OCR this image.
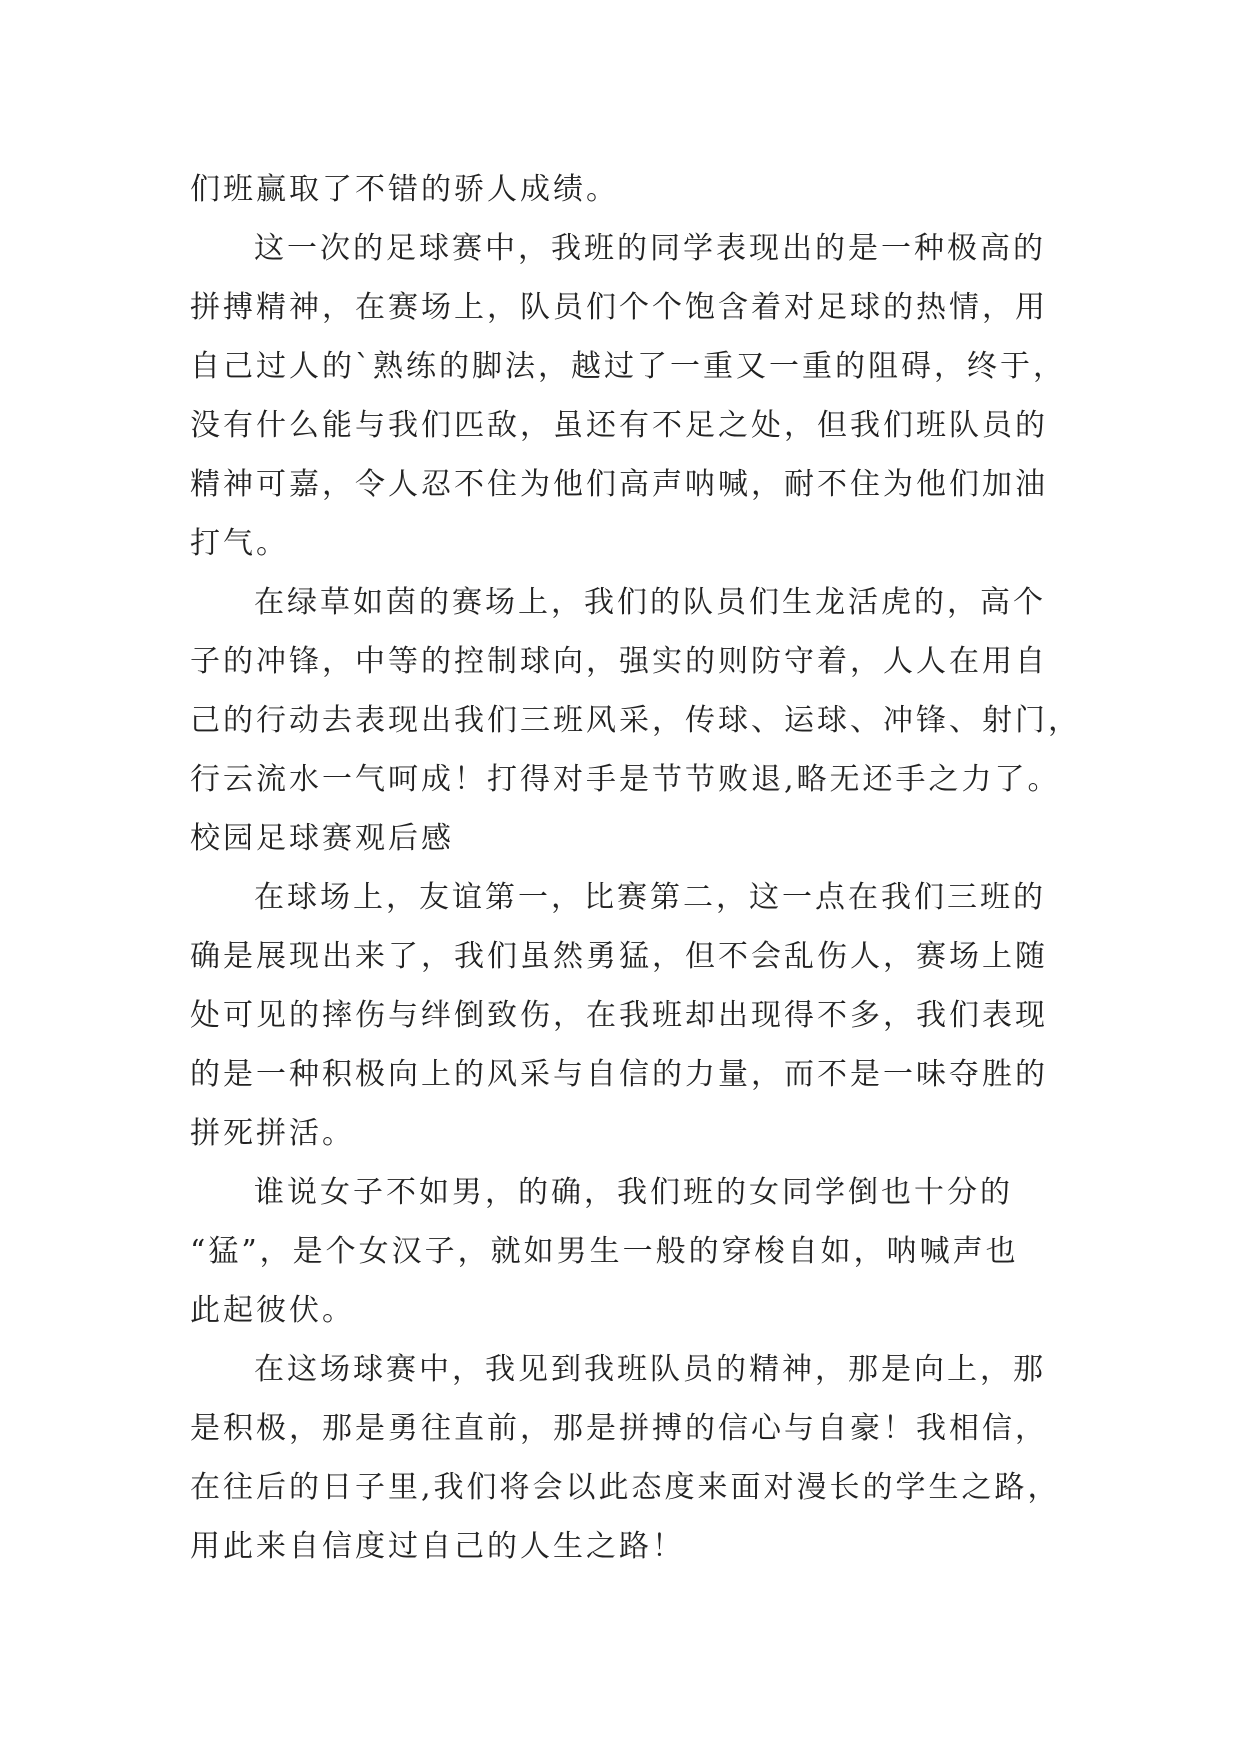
们班赢取了不错的骄人成绩。
这一次的足球赛中，我班的同学表现出的是一种极高的
拼搏精神，在赛场上，队员们个个饱含着对足球的热情，用
自己过人的`熟练的脚法，越过了一重又一重的阻碍，终于，
没有什么能与我们匹敌，虽还有不足之处，但我们班队员的
精神可嘉，令人忍不住为他们高声呐喊，耐不住为他们加油
打气。
在绿草如茵的赛场上，我们的队员们生龙活虎的，高个
子的冲锋，中等的控制球向，强实的则防守着，人人在用自
己的行动去表现出我们三班风采，传球、运球、冲锋、射门，
行云流水一气呵成！打得对手是节节败退,略无还手之力了。
校园足球赛观后感
在球场上，友谊第一，比赛第二，这一点在我们三班的
确是展现出来了，我们虽然勇猛，但不会乱伤人，赛场上随
处可见的摔伤与绊倒致伤，在我班却出现得不多，我们表现
的是一种积极向上的风采与自信的力量，而不是一味夺胜的
拼死拼活。
谁说女子不如男，的确，我们班的女同学倒也十分的
“猛”，是个女汉子，就如男生一般的穿梭自如，呐喊声也
此起彼伏。
在这场球赛中，我见到我班队员的精神，那是向上，那
是积极，那是勇往直前，那是拼搏的信心与自豪！我相信，
在往后的日子里,我们将会以此态度来面对漫长的学生之路，
用此来自信度过自己的人生之路！
